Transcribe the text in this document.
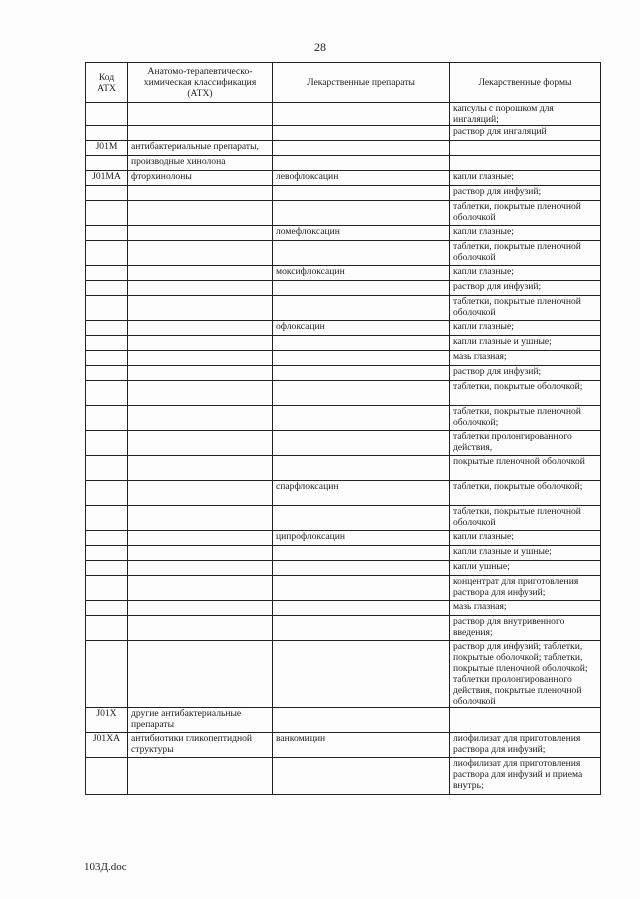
28
Код АТХ	Анатомо-терапевтическо-химическая классификация (АТХ)	Лекарственные препараты	Лекарственные формы
			капсулы с порошком для ингаляций;
			раствор для ингаляций
J01M	антибактериальные препараты,		
	производные хинолона		
J01MA	фторхинолоны	левофлоксацин	капли глазные;
			раствор для инфузий;
			таблетки, покрытые пленочной оболочкой
		ломефлоксацин	капли глазные;
			таблетки, покрытые пленочной оболочкой
		моксифлоксацин	капли глазные;
			раствор для инфузий;
			таблетки, покрытые пленочной оболочкой
		офлоксацин	капли глазные;
			капли глазные и ушные;
			мазь глазная;
			раствор для инфузий;
			таблетки, покрытые оболочкой;
			таблетки, покрытые пленочной оболочкой;
			таблетки пролонгированного действия,
			покрытые пленочной оболочкой
		спарфлоксацин	таблетки, покрытые оболочкой;
			таблетки, покрытые пленочной оболочкой
		ципрофлоксацин	капли глазные;
			капли глазные и ушные;
			капли ушные;
			концентрат для приготовления раствора для инфузий;
			мазь глазная;
			раствор для внутривенного введения;
			раствор для инфузий; таблетки, покрытые оболочкой; таблетки, покрытые пленочной оболочкой; таблетки пролонгированного действия, покрытые пленочной оболочкой
J01X	другие антибактериальные препараты		
J01XA	антибиотики гликопептидной структуры	ванкомицин	лиофилизат для приготовления раствора для инфузий;
			лиофилизат для приготовления раствора для инфузий и приема внутрь;
103Д.doc
